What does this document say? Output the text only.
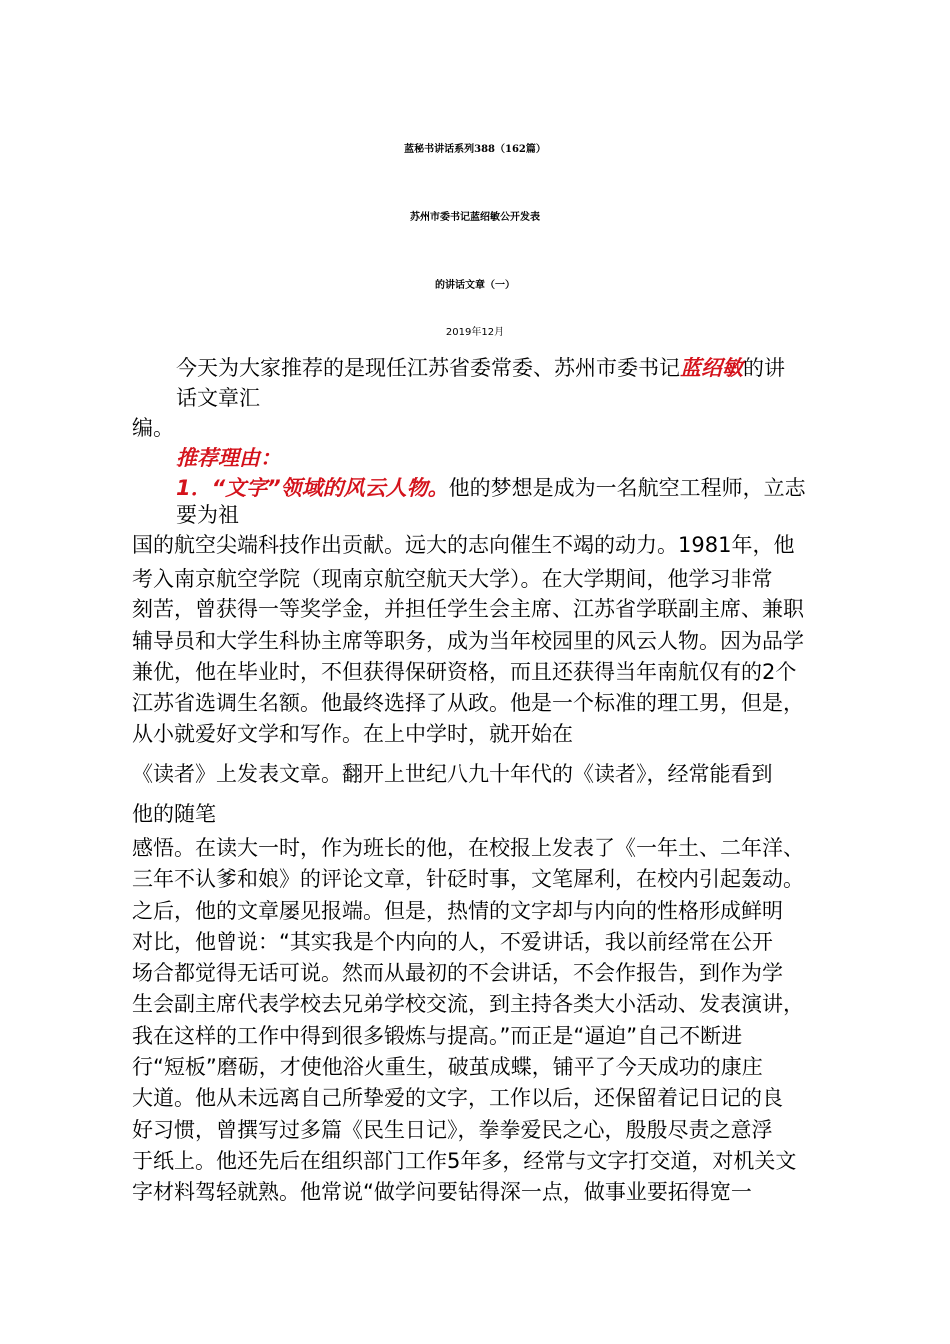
蓝秘书讲话系列388（162篇）
苏州市委书记蓝绍敏公开发表
的讲话文章（一）
2019年12月
今天为大家推荐的是现任江苏省委常委、苏州市委书记蓝绍敏的讲
话文章汇
编。
推荐理由：
1．“文字”领域的风云人物。他的梦想是成为一名航空工程师，立志
要为祖
国的航空尖端科技作出贡献。远大的志向催生不竭的动力。1981年，他
考入南京航空学院（现南京航空航天大学）。在大学期间，他学习非常
刻苦，曾获得一等奖学金，并担任学生会主席、江苏省学联副主席、兼职
辅导员和大学生科协主席等职务，成为当年校园里的风云人物。因为品学
兼优，他在毕业时，不但获得保研资格，而且还获得当年南航仅有的2个
江苏省选调生名额。他最终选择了从政。他是一个标准的理工男，但是，
从小就爱好文学和写作。在上中学时，就开始在
《读者》上发表文章。翻开上世纪八九十年代的《读者》，经常能看到
他的随笔
感悟。在读大一时，作为班长的他，在校报上发表了《一年土、二年洋、
三年不认爹和娘》的评论文章，针砭时事，文笔犀利，在校内引起轰动。
之后，他的文章屡见报端。但是，热情的文字却与内向的性格形成鲜明
对比，他曾说：“其实我是个内向的人，不爱讲话，我以前经常在公开
场合都觉得无话可说。然而从最初的不会讲话，不会作报告，到作为学
生会副主席代表学校去兄弟学校交流，到主持各类大小活动、发表演讲，
我在这样的工作中得到很多锻炼与提高。”而正是“逼迫”自己不断进
行“短板”磨砺，才使他浴火重生，破茧成蝶，铺平了今天成功的康庄
大道。他从未远离自己所挚爱的文字，工作以后，还保留着记日记的良
好习惯，曾撰写过多篇《民生日记》，拳拳爱民之心，殷殷尽责之意浮
于纸上。他还先后在组织部门工作5年多，经常与文字打交道，对机关文
字材料驾轻就熟。他常说“做学问要钻得深一点，做事业要拓得宽一
